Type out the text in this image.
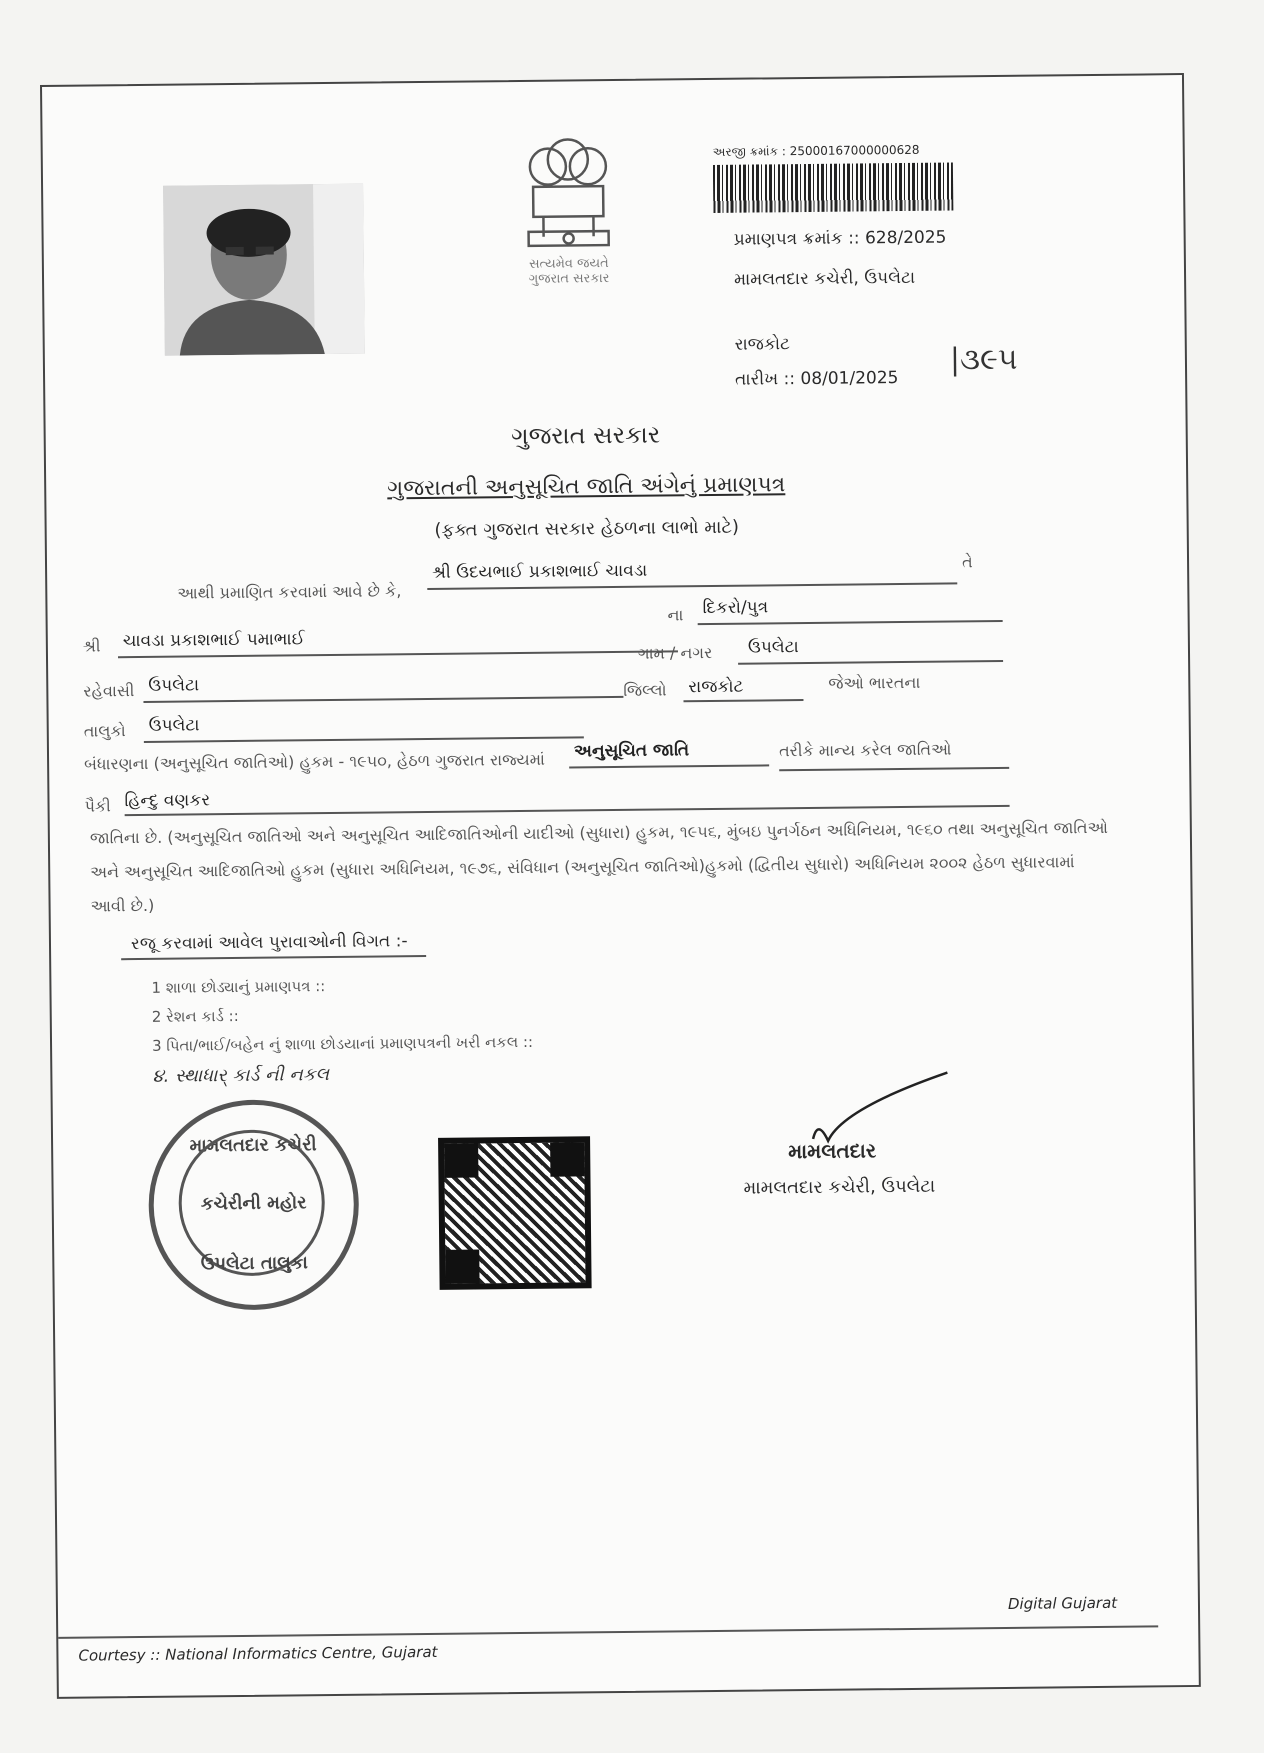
સત્યમેવ જયતે
ગુજરાત સરકાર
અરજી ક્રમાંક : 25000167000000628
પ્રમાણપત્ર ક્રમાંક :: 628/2025
મામલતદાર કચેરી, ઉપલેટા
રાજકોટ
તારીખ :: 08/01/2025
|૩૯૫
ગુજરાત સરકાર
ગુજરાતની અનુસૂચિત જાતિ અંગેનું પ્રમાણપત્ર
(ફક્ત ગુજરાત સરકાર હેઠળના લાભો માટે)
આથી પ્રમાણિત કરવામાં આવે છે કે,
શ્રી ઉદયભાઈ પ્રકાશભાઈ ચાવડા	તે
શ્રી ચાવડા પ્રકાશભાઈ પમાભાઈ
ના દિકરો/પુત્ર
ગામ / નગર ઉપલેટા
રહેવાસી ઉપલેટા	જિલ્લો રાજકોટ	જેઓ ભારતના
તાલુકો ઉપલેટા
બંધારણના (અનુસૂચિત જાતિઓ) હુકમ - ૧૯૫૦, હેઠળ ગુજરાત રાજ્યમાં અનુસૂચિત જાતિ	તરીકે માન્ય કરેલ જાતિઓ
પૈકી હિન્દુ વણકર
જાતિના છે. (અનુસૂચિત જાતિઓ અને અનુસૂચિત આદિજાતિઓની યાદીઓ (સુધારા) હુકમ, ૧૯૫૬, મુંબઇ પુનર્ગઠન અધિનિયમ, ૧૯૬૦ તથા અનુસૂચિત જાતિઓ અને અનુસૂચિત આદિજાતિઓ હુકમ (સુધારા અધિનિયમ, ૧૯૭૬, સંવિધાન (અનુસૂચિત જાતિઓ)હુકમો (દ્વિતીય સુધારો) અધિનિયમ ૨૦૦૨ હેઠળ સુધારવામાં આવી છે.)
રજૂ કરવામાં આવેલ પુરાવાઓની વિગત :-
1 શાળા છોડ્યાનું પ્રમાણપત્ર ::
2 રેશન કાર્ડ ::
3 પિતા/ભાઈ/બહેન નું શાળા છોડયાનાં પ્રમાણપત્રની ખરી નકલ ::
૪. સ્થાધાર્ કાર્ડ ની નકલ
મામલતદાર કચેરી
કચેરીની મહોર
ઉપલેટા તાલુકા
મામલતદાર
મામલતદાર કચેરી, ઉપલેટા
Digital Gujarat
Courtesy :: National Informatics Centre, Gujarat
